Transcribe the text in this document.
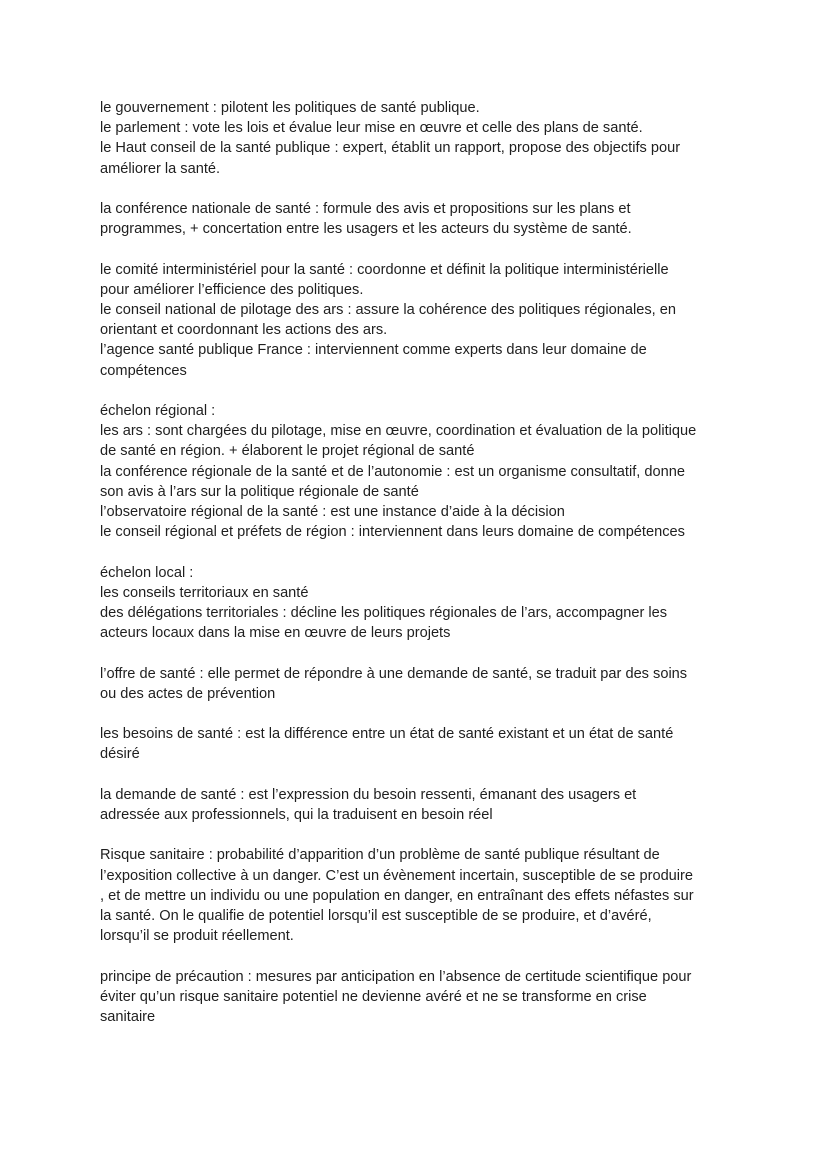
le gouvernement : pilotent les politiques de santé publique.
le parlement : vote les lois et évalue leur mise en œuvre et celle des plans de santé.
le Haut conseil de la santé publique : expert, établit un rapport, propose des objectifs pour
améliorer la santé.
la conférence nationale de santé : formule des avis et propositions sur les plans et
programmes, + concertation entre les usagers et les acteurs du système de santé.
le comité interministériel pour la santé : coordonne et définit la politique interministérielle
pour améliorer l’efficience des politiques.
le conseil national de pilotage des ars : assure la cohérence des politiques régionales, en
orientant et coordonnant les actions des ars.
l’agence santé publique France : interviennent comme experts dans leur domaine de
compétences
échelon régional :
les ars : sont chargées du pilotage, mise en œuvre, coordination et évaluation de la politique
de santé en région. + élaborent le projet régional de santé
la conférence régionale de la santé et de l’autonomie : est un organisme consultatif, donne
son avis à l’ars sur la politique régionale de santé
l’observatoire régional de la santé : est une instance d’aide à la décision
le conseil régional et préfets de région : interviennent dans leurs domaine de compétences
échelon local :
les conseils territoriaux en santé
des délégations territoriales : décline les politiques régionales de l’ars, accompagner les
acteurs locaux dans la mise en œuvre de leurs projets
l’offre de santé : elle permet de répondre à une demande de santé, se traduit par des soins
ou des actes de prévention
les besoins de santé : est la différence entre un état de santé existant et un état de santé
désiré
la demande de santé : est l’expression du besoin ressenti, émanant des usagers et
adressée aux professionnels, qui la traduisent en besoin réel
Risque sanitaire : probabilité d’apparition d’un problème de santé publique résultant de
l’exposition collective à un danger. C’est un évènement incertain, susceptible de se produire
, et de mettre un individu ou une population en danger, en entraînant des effets néfastes sur
la santé. On le qualifie de potentiel lorsqu’il est susceptible de se produire, et d’avéré,
lorsqu’il se produit réellement.
principe de précaution : mesures par anticipation en l’absence de certitude scientifique pour
éviter qu’un risque sanitaire potentiel ne devienne avéré et ne se transforme en crise
sanitaire
